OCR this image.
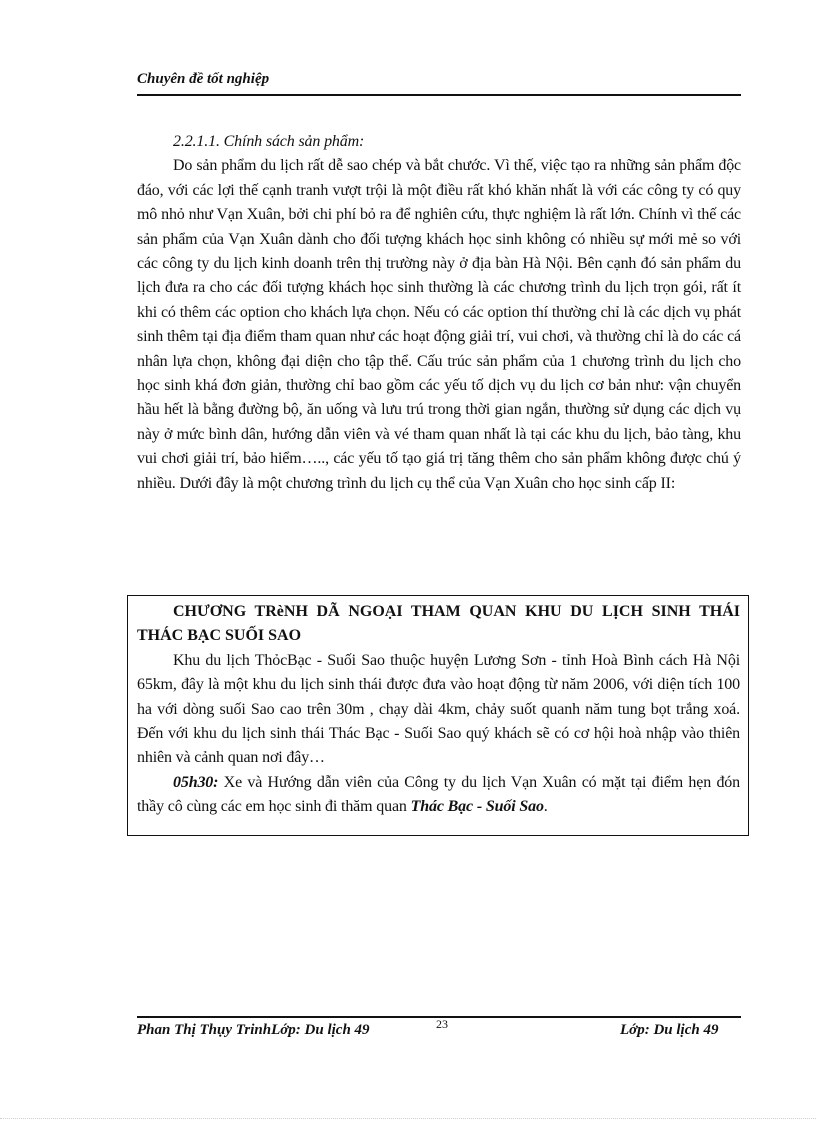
Chuyên đề tốt nghiệp

2.2.1.1. Chính sách sản phẩm:

Do sản phẩm du lịch rất dễ sao chép và bắt chước. Vì thế, việc tạo ra những sản phẩm độc đáo, với các lợi thế cạnh tranh vượt trội là một điều rất khó khăn nhất là với các công ty có quy mô nhỏ như Vạn Xuân, bởi chi phí bỏ ra để nghiên cứu, thực nghiệm là rất lớn. Chính vì thế các sản phẩm của Vạn Xuân dành cho đối tượng khách học sinh không có nhiều sự mới mẻ so với các công ty du lịch kinh doanh trên thị trường này ở địa bàn Hà Nội. Bên cạnh đó sản phẩm du lịch đưa ra cho các đối tượng khách học sinh thường là các chương trình du lịch trọn gói, rất ít khi có thêm các option cho khách lựa chọn. Nếu có các option thí thường chỉ là các dịch vụ phát sinh thêm tại địa điểm tham quan như các hoạt động giải trí, vui chơi, và thường chỉ là do các cá nhân lựa chọn, không đại diện cho tập thể. Cấu trúc sản phẩm của 1 chương trình du lịch cho học sinh khá đơn giản, thường chỉ bao gồm các yếu tố dịch vụ du lịch cơ bản như: vận chuyển hầu hết là bằng đường bộ, ăn uống và lưu trú trong thời gian ngắn, thường sử dụng các dịch vụ này ở mức bình dân, hướng dẫn viên và vé tham quan nhất là tại các khu du lịch, bảo tàng, khu vui chơi giải trí, bảo hiểm….., các yếu tố tạo giá trị tăng thêm cho sản phẩm không được chú ý nhiều. Dưới đây là một chương trình du lịch cụ thể của Vạn Xuân cho học sinh cấp II:

CHƯƠNG TRèNH DÃ NGOẠI THAM QUAN KHU DU LỊCH SINH THÁI THÁC BẠC SUỐI SAO

Khu du lịch ThỏcBạc - Suối Sao thuộc huyện Lương Sơn - tỉnh Hoà Bình cách Hà Nội 65km, đây là một khu du lịch sinh thái được đưa vào hoạt động từ năm 2006, với diện tích 100 ha với dòng suối Sao cao trên 30m , chạy dài 4km, chảy suốt quanh năm tung bọt trắng xoá. Đến với khu du lịch sinh thái Thác Bạc - Suối Sao quý khách sẽ có cơ hội hoà nhập vào thiên nhiên và cảnh quan nơi đây…

05h30: Xe và Hướng dẫn viên của Công ty du lịch Vạn Xuân có mặt tại điểm hẹn đón thầy cô cùng các em học sinh đi thăm quan Thác Bạc - Suối Sao.

Phan Thị Thụy TrinhLớp: Du lịch 49	23	Lớp: Du lịch 49
